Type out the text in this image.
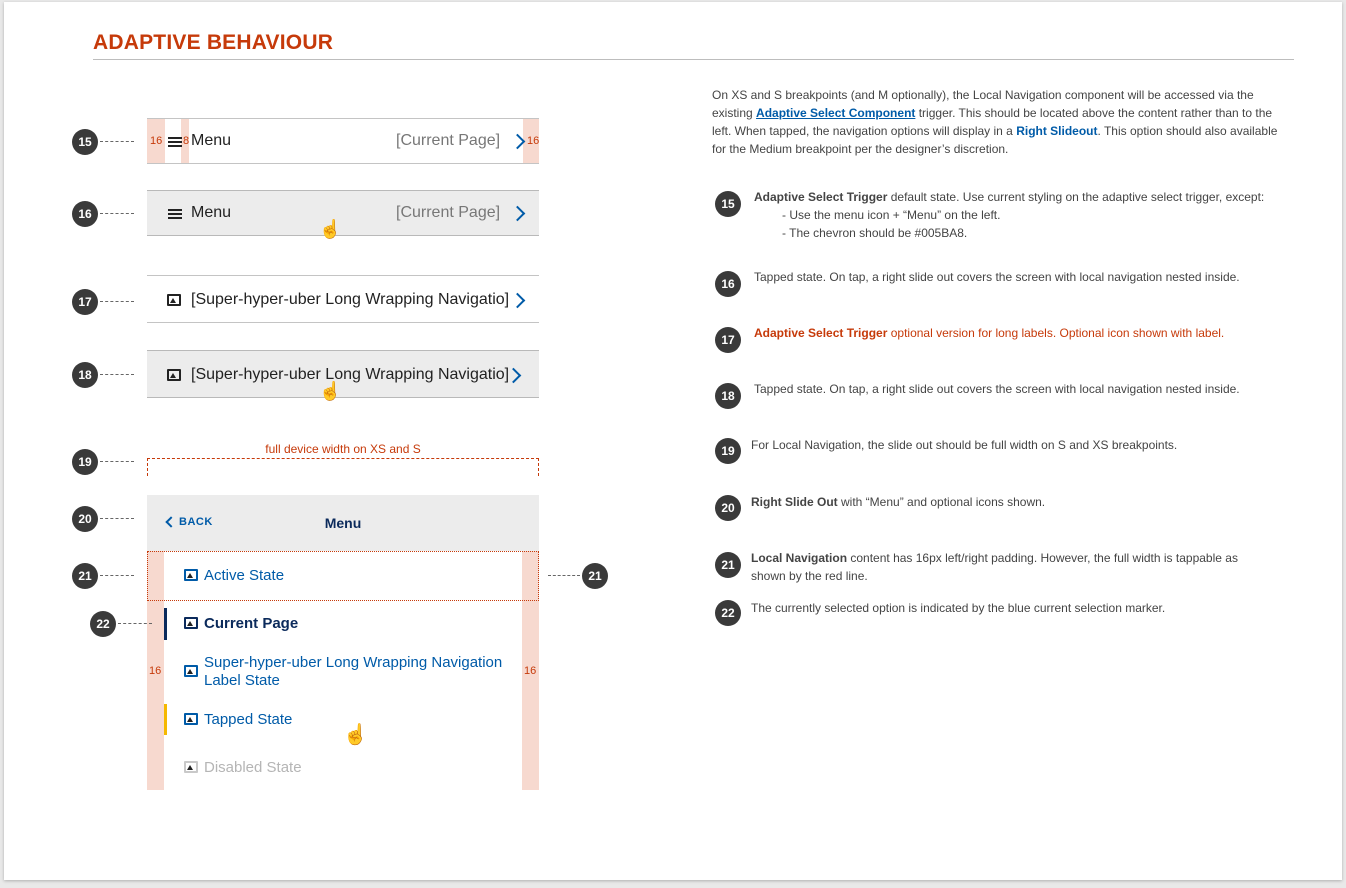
ADAPTIVE BEHAVIOUR
15	16 8	16
Menu	[Current Page]
16	Menu	[Current Page]
☝
17	[Super-hyper-uber Long Wrapping Navigatio]
18	[Super-hyper-uber Long Wrapping Navigatio]
☝
19
full device width on XS and S
20	BACK	Menu
16	16
21	21
Active State
22	Current Page
Super-hyper-uber Long Wrapping Navigation Label State
Tapped State
☝
Disabled State
On XS and S breakpoints (and M optionally), the Local Navigation component will be accessed via the existing Adaptive Select Component trigger. This should be located above the content rather than to the left. When tapped, the navigation options will display in a Right Slideout. This option should also available for the Medium breakpoint per the designer’s discretion.
15	Adaptive Select Trigger default state. Use current styling on the adaptive select trigger, except:
- Use the menu icon + “Menu” on the left.
- The chevron should be #005BA8.
16	Tapped state. On tap, a right slide out covers the screen with local navigation nested inside.
17	Adaptive Select Trigger optional version for long labels. Optional icon shown with label.
18	Tapped state. On tap, a right slide out covers the screen with local navigation nested inside.
19	For Local Navigation, the slide out should be full width on S and XS breakpoints.
20	Right Slide Out with “Menu” and optional icons shown.
21	Local Navigation content has 16px left/right padding. However, the full width is tappable as shown by the red line.
22	The currently selected option is indicated by the blue current selection marker.
